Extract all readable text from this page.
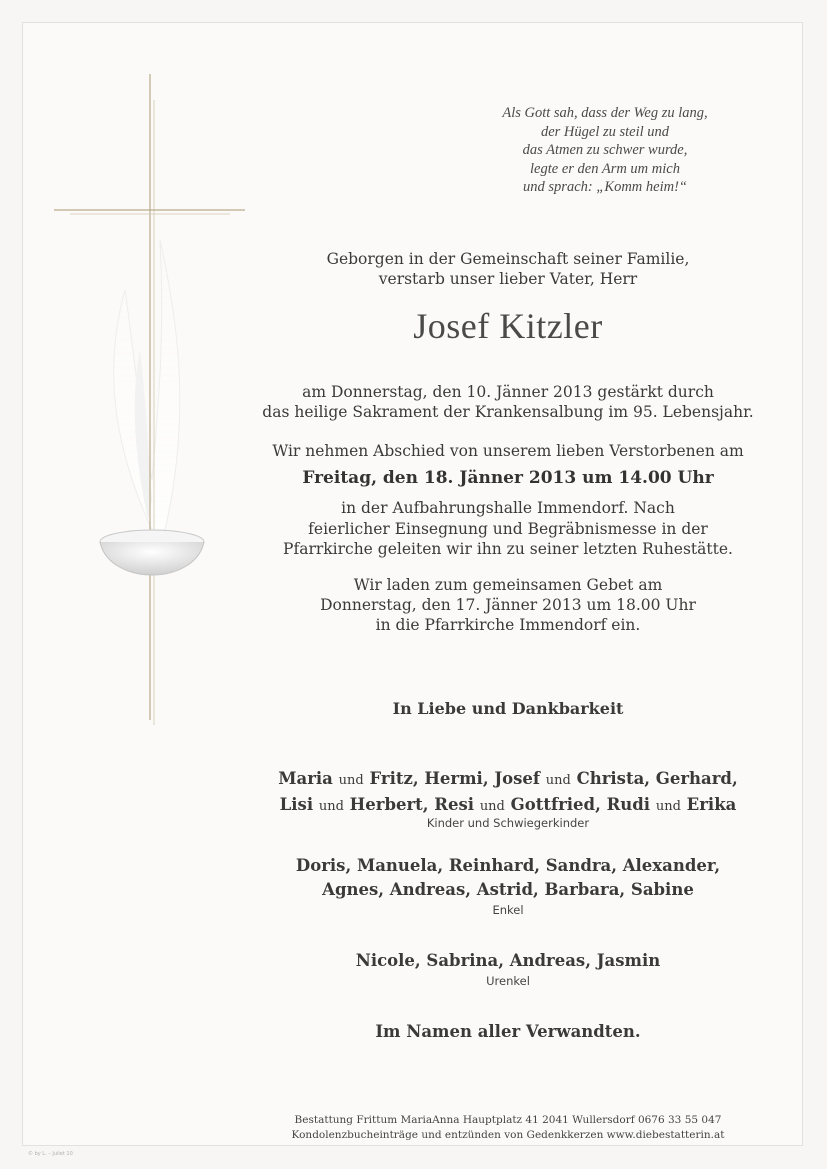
Als Gott sah, dass der Weg zu lang,
der Hügel zu steil und
das Atmen zu schwer wurde,
legte er den Arm um mich
und sprach: „Komm heim!“
Geborgen in der Gemeinschaft seiner Familie,
verstarb unser lieber Vater, Herr
Josef Kitzler
am Donnerstag, den 10. Jänner 2013 gestärkt durch
das heilige Sakrament der Krankensalbung im 95. Lebensjahr.
Wir nehmen Abschied von unserem lieben Verstorbenen am
Freitag, den 18. Jänner 2013 um 14.00 Uhr
in der Aufbahrungshalle Immendorf. Nach
feierlicher Einsegnung und Begräbnismesse in der
Pfarrkirche geleiten wir ihn zu seiner letzten Ruhestätte.
Wir laden zum gemeinsamen Gebet am
Donnerstag, den 17. Jänner 2013 um 18.00 Uhr
in die Pfarrkirche Immendorf ein.
In Liebe und Dankbarkeit
Maria und Fritz, Hermi, Josef und Christa, Gerhard,
Lisi und Herbert, Resi und Gottfried, Rudi und Erika
Kinder und Schwiegerkinder
Doris, Manuela, Reinhard, Sandra, Alexander,
Agnes, Andreas, Astrid, Barbara, Sabine
Enkel
Nicole, Sabrina, Andreas, Jasmin
Urenkel
Im Namen aller Verwandten.
Bestattung Frittum MariaAnna Hauptplatz 41 2041 Wullersdorf 0676 33 55 047
Kondolenzbucheinträge und entzünden von Gedenkkerzen www.diebestatterin.at
© by L. – Juliet 10
